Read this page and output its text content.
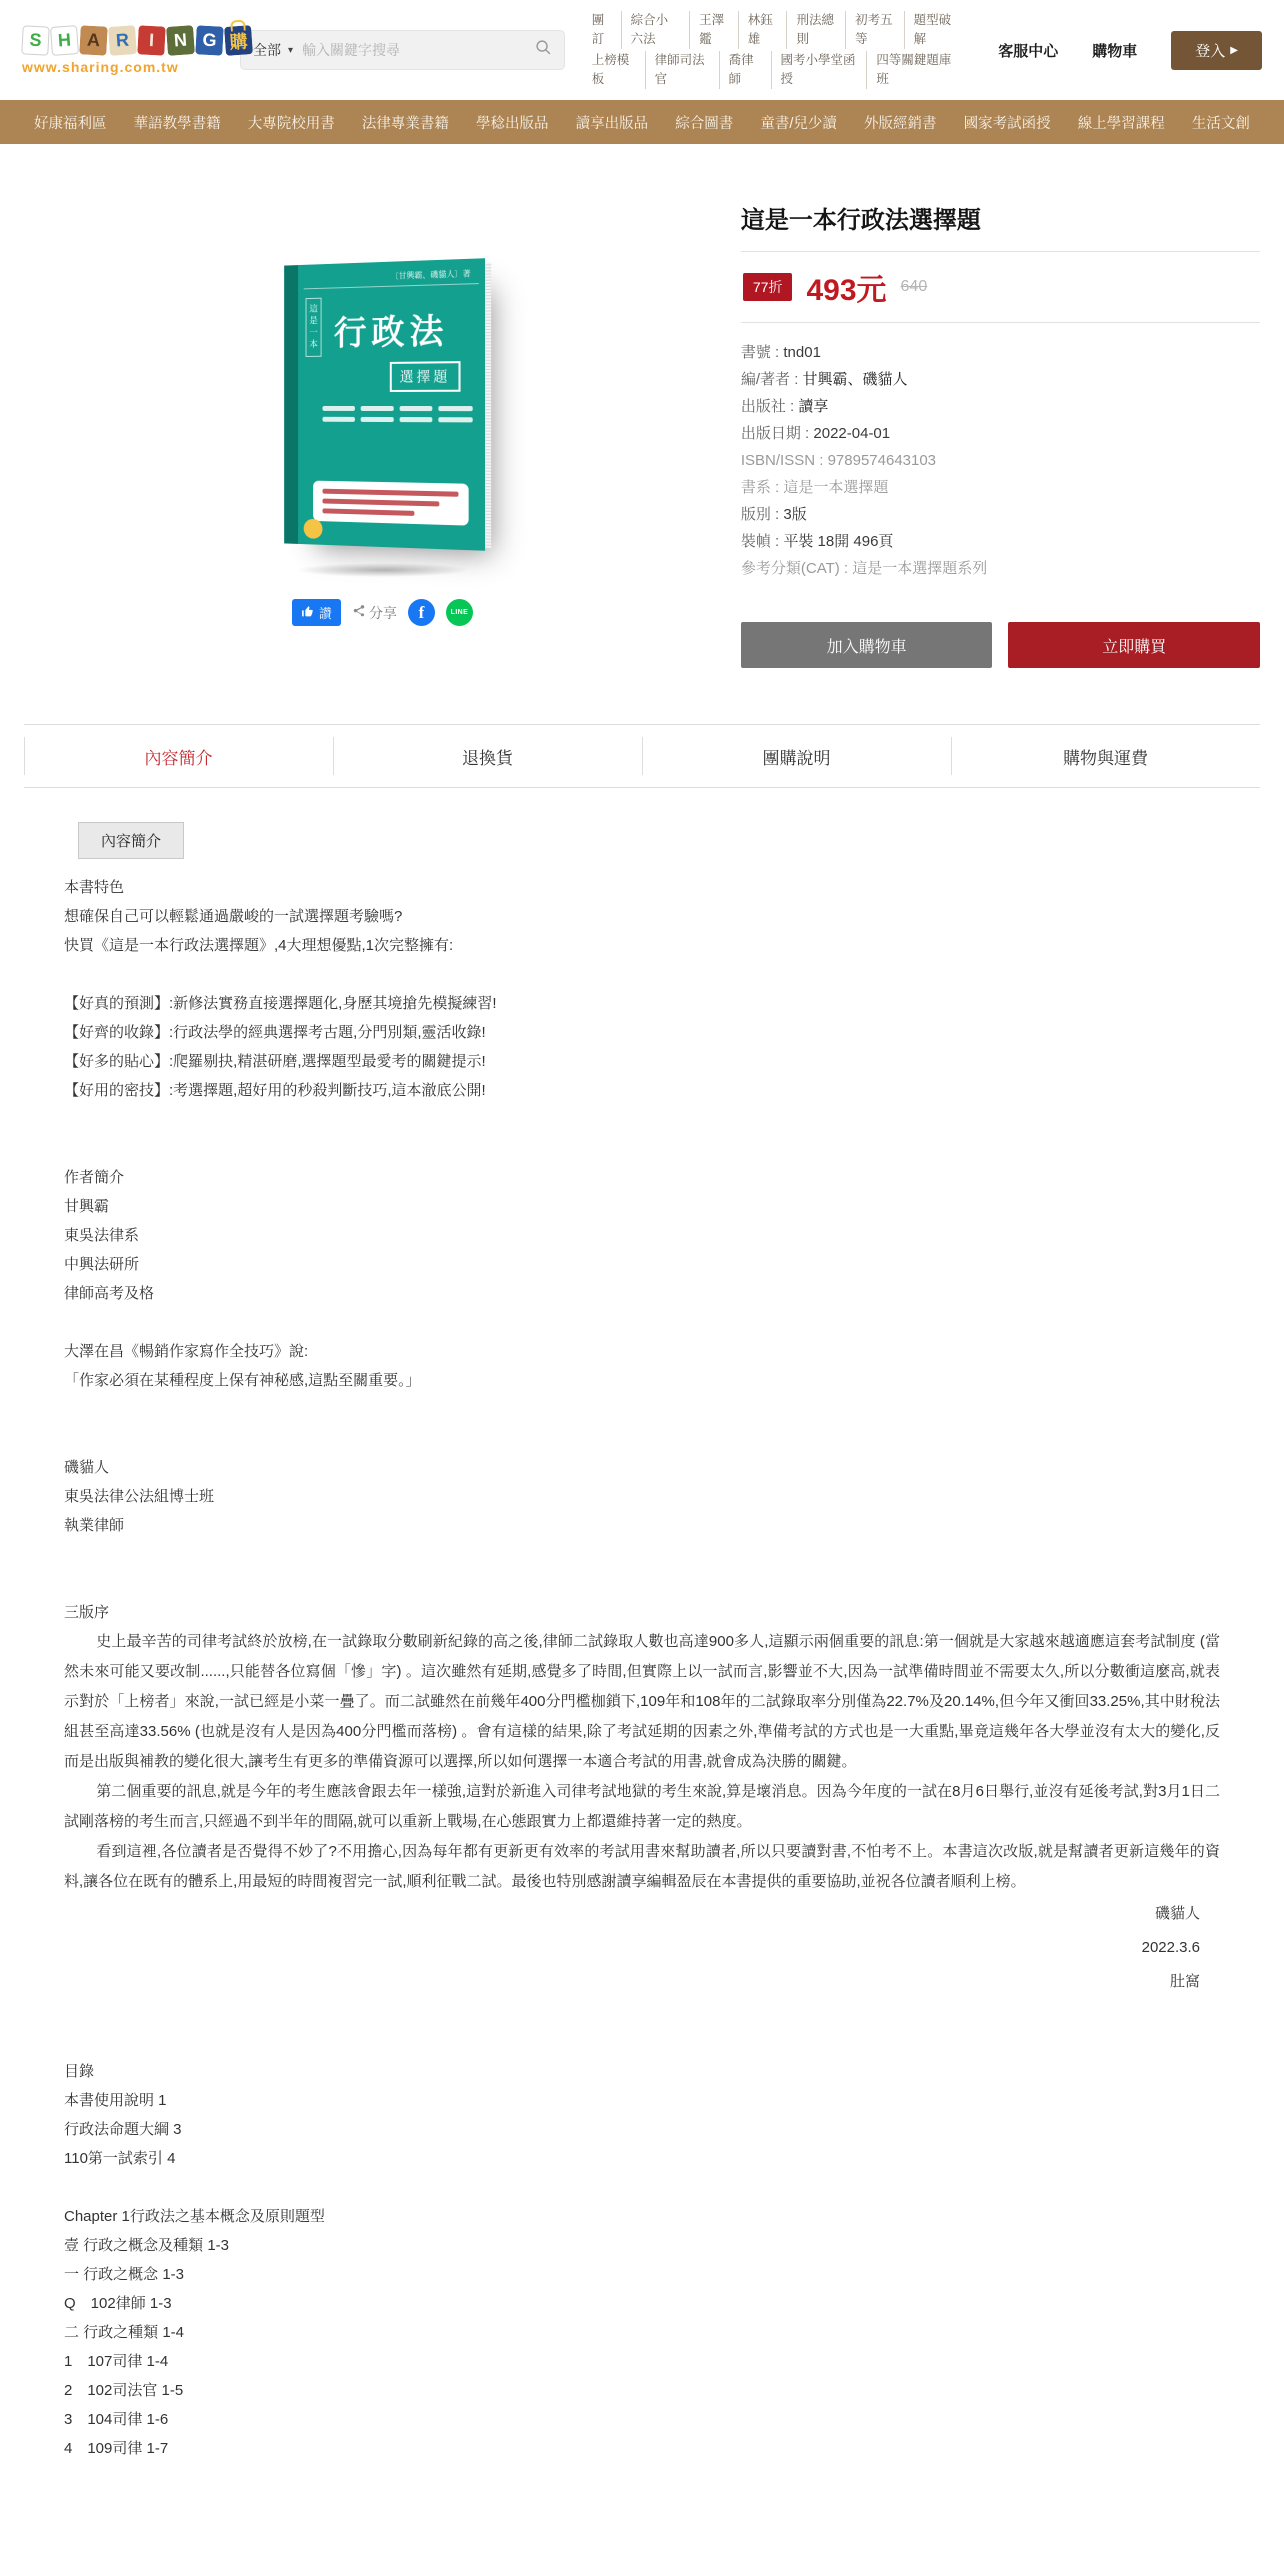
S H A R	I	N G 購
www.sharing.com.tw
全部 ▾
輸入關鍵字搜尋
團訂
綜合小六法
王澤鑑
林鈺雄
刑法總則
初考五等
題型破解
上榜模板
律師司法官
喬律師
國考小學堂函授
四等關鍵題庫班
客服中心 購物車	登入 ▶
好康福利區 華語教學書籍 大專院校用書 法律專業書籍 學稔出版品 讀享出版品 綜合圖書 童書/兒少讀 外版經銷書 國家考試函授 線上學習課程 生活文創
〔甘興霸、磯貓人〕著
這是一本 行政法
選擇題
讚	分享	f	LINE
這是一本行政法選擇題
77折 493元 640
書號 : tnd01
編/著者 : 甘興霸、磯貓人
出版社 : 讀享
出版日期 : 2022-04-01
ISBN/ISSN : 9789574643103
書系 : 這是一本選擇題
版別 : 3版
裝幀 : 平裝 18開 496頁
參考分類(CAT) : 這是一本選擇題系列
加入購物車	立即購買
內容簡介	退換貨	團購說明	購物與運費
內容簡介

本書特色

想確保自己可以輕鬆通過嚴峻的一試選擇題考驗嗎?

快買《這是一本行政法選擇題》,4大理想優點,1次完整擁有:

【好真的預測】:新修法實務直接選擇題化,身歷其境搶先模擬練習!

【好齊的收錄】:行政法學的經典選擇考古題,分門別類,靈活收錄!

【好多的貼心】:爬羅剔抉,精湛研磨,選擇題型最愛考的關鍵提示!

【好用的密技】:考選擇題,超好用的秒殺判斷技巧,這本澈底公開!

作者簡介

甘興霸

東吳法律系

中興法研所

律師高考及格

大澤在昌《暢銷作家寫作全技巧》說:

「作家必須在某種程度上保有神秘感,這點至關重要。」

磯貓人

東吳法律公法組博士班

執業律師

三版序

史上最辛苦的司律考試終於放榜,在一試錄取分數刷新紀錄的高之後,律師二試錄取人數也高達900多人,這顯示兩個重要的訊息:第一個就是大家越來越適應這套考試制度 (當然未來可能又要改制......,只能替各位寫個「慘」字) 。這次雖然有延期,感覺多了時間,但實際上以一試而言,影響並不大,因為一試準備時間並不需要太久,所以分數衝這麼高,就表示對於「上榜者」來說,一試已經是小菜一疊了。而二試雖然在前幾年400分門檻枷鎖下,109年和108年的二試錄取率分別僅為22.7%及20.14%,但今年又衝回33.25%,其中財稅法組甚至高達33.56% (也就是沒有人是因為400分門檻而落榜) 。會有這樣的結果,除了考試延期的因素之外,準備考試的方式也是一大重點,畢竟這幾年各大學並沒有太大的變化,反而是出版與補教的變化很大,讓考生有更多的準備資源可以選擇,所以如何選擇一本適合考試的用書,就會成為決勝的關鍵。

第二個重要的訊息,就是今年的考生應該會跟去年一樣強,這對於新進入司律考試地獄的考生來說,算是壞消息。因為今年度的一試在8月6日舉行,並沒有延後考試,對3月1日二試剛落榜的考生而言,只經過不到半年的間隔,就可以重新上戰場,在心態跟實力上都還維持著一定的熱度。

看到這裡,各位讀者是否覺得不妙了?不用擔心,因為每年都有更新更有效率的考試用書來幫助讀者,所以只要讀對書,不怕考不上。本書這次改版,就是幫讀者更新這幾年的資料,讓各位在既有的體系上,用最短的時間複習完一試,順利征戰二試。最後也特別感謝讀享編輯盈辰在本書提供的重要協助,並祝各位讀者順利上榜。

磯貓人

2022.3.6

肚窩

目錄

本書使用說明 1

行政法命題大綱 3

110第一試索引 4

Chapter 1行政法之基本概念及原則題型

壹 行政之概念及種類 1-3

一 行政之概念 1-3

Q　102律師 1-3

二 行政之種類 1-4

1　107司律 1-4

2　102司法官 1-5

3　104司律 1-6

4　109司律 1-7
